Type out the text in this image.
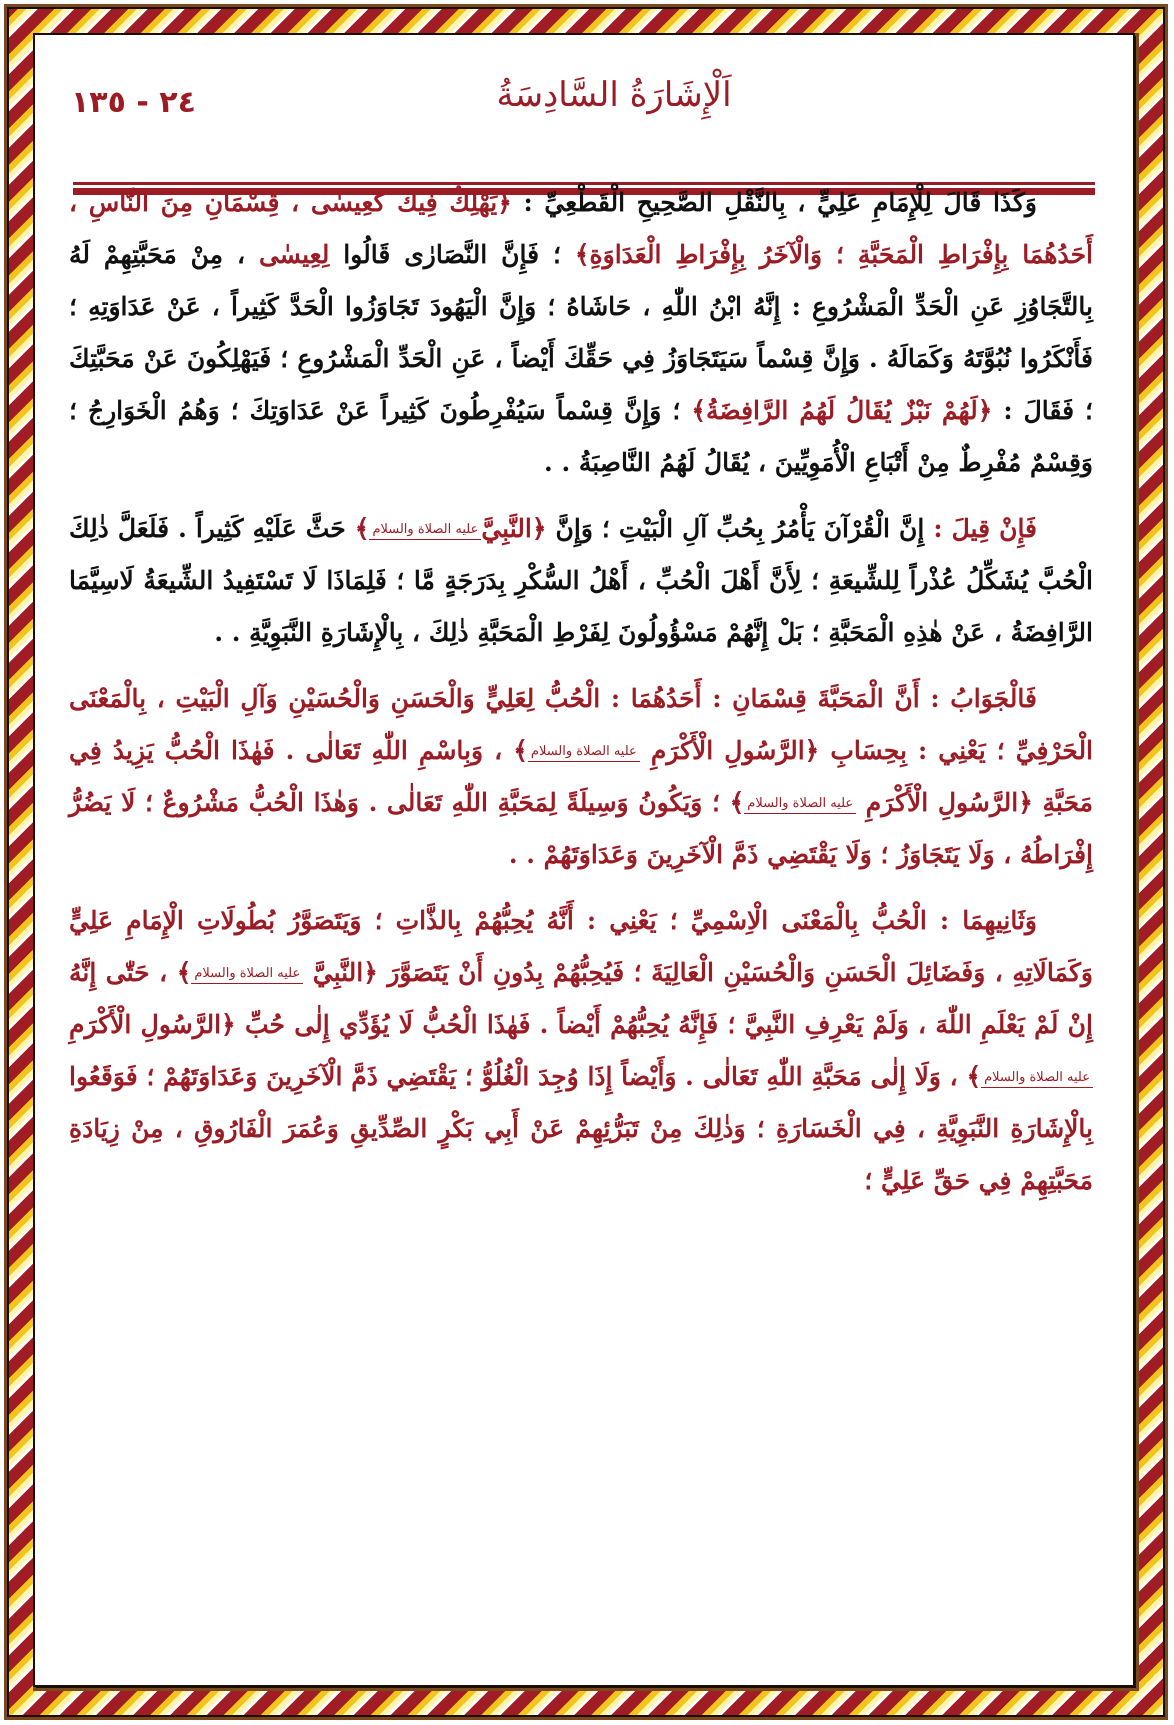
٢٤ - ١٣٥	اَلْإِشَارَةُ السَّادِسَةُ

وَكَذَا قَالَ لِلْإِمَامِ عَلِيٍّ ، بِالنَّقْلِ الصَّحِيحِ الْقَطْعِيِّ : ﴿يَهْلِكُ فِيكَ كَعِيسٰى ، قِسْمَانِ مِنَ النَّاسِ ، أَحَدُهُمَا بِإِفْرَاطِ الْمَحَبَّةِ ؛ وَالْآخَرُ بِإِفْرَاطِ الْعَدَاوَةِ﴾ ؛ فَإِنَّ النَّصَارٰى قَالُوا لِعِيسٰى ، مِنْ مَحَبَّتِهِمْ لَهُ بِالتَّجَاوُزِ عَنِ الْحَدِّ الْمَشْرُوعِ : إِنَّهُ ابْنُ اللّٰهِ ، حَاشَاهُ ؛ وَإِنَّ الْيَهُودَ تَجَاوَزُوا الْحَدَّ كَثِيراً ، عَنْ عَدَاوَتِهِ ؛ فَأَنْكَرُوا نُبُوَّتَهُ وَكَمَالَهُ . وَإِنَّ قِسْماً سَيَتَجَاوَزُ فِي حَقِّكَ أَيْضاً ، عَنِ الْحَدِّ الْمَشْرُوعِ ؛ فَيَهْلِكُونَ عَنْ مَحَبَّتِكَ ؛ فَقَالَ : ﴿لَهُمْ نَبْزٌ يُقَالُ لَهُمُ الرَّافِضَةُ﴾ ؛ وَإِنَّ قِسْماً سَيُفْرِطُونَ كَثِيراً عَنْ عَدَاوَتِكَ ؛ وَهُمُ الْخَوَارِجُ ؛ وَقِسْمٌ مُفْرِطٌ مِنْ أَتْبَاعِ الْأُمَوِيِّينَ ، يُقَالُ لَهُمُ النَّاصِبَةُ . .

فَإِنْ قِيلَ : إِنَّ الْقُرْآنَ يَأْمُرُ بِحُبِّ آلِ الْبَيْتِ ؛ وَإِنَّ ﴿النَّبِيَّعليه الصلاة والسلام﴾ حَثَّ عَلَيْهِ كَثِيراً . فَلَعَلَّ ذٰلِكَ الْحُبَّ يُشَكِّلُ عُذْراً لِلشِّيعَةِ ؛ لِأَنَّ أَهْلَ الْحُبِّ ، أَهْلُ السُّكْرِ بِدَرَجَةٍ مَّا ؛ فَلِمَاذَا لَا تَسْتَفِيدُ الشِّيعَةُ لَاسِيَّمَا الرَّافِضَةُ ، عَنْ هٰذِهِ الْمَحَبَّةِ ؛ بَلْ إِنَّهُمْ مَسْؤُولُونَ لِفَرْطِ الْمَحَبَّةِ ذٰلِكَ ، بِالْإِشَارَةِ النَّبَوِيَّةِ . .

فَالْجَوَابُ : أَنَّ الْمَحَبَّةَ قِسْمَانِ : أَحَدُهُمَا : الْحُبُّ لِعَلِيٍّ وَالْحَسَنِ وَالْحُسَيْنِ وَآلِ الْبَيْتِ ، بِالْمَعْنَى الْحَرْفِيِّ ؛ يَعْنِي : بِحِسَابِ ﴿الرَّسُولِ الْأَكْرَمِ عليه الصلاة والسلام﴾ ، وَبِاسْمِ اللّٰهِ تَعَالٰى . فَهٰذَا الْحُبُّ يَزِيدُ فِي مَحَبَّةِ ﴿الرَّسُولِ الْأَكْرَمِ عليه الصلاة والسلام﴾ ؛ وَيَكُونُ وَسِيلَةً لِمَحَبَّةِ اللّٰهِ تَعَالٰى . وَهٰذَا الْحُبُّ مَشْرُوعٌ ؛ لَا يَضُرُّ إِفْرَاطُهُ ، وَلَا يَتَجَاوَزُ ؛ وَلَا يَقْتَضِي ذَمَّ الْآخَرِينَ وَعَدَاوَتَهُمْ . .

وَثَانِيهِمَا : الْحُبُّ بِالْمَعْنَى الْاِسْمِيِّ ؛ يَعْنِي : أَنَّهُ يُحِبُّهُمْ بِالذَّاتِ ؛ وَيَتَصَوَّرُ بُطُولَاتِ الْإِمَامِ عَلِيٍّ وَكَمَالَاتِهِ ، وَفَضَائِلَ الْحَسَنِ وَالْحُسَيْنِ الْعَالِيَةَ ؛ فَيُحِبُّهُمْ بِدُونِ أَنْ يَتَصَوَّرَ ﴿النَّبِيَّ عليه الصلاة والسلام﴾ ، حَتّٰى إِنَّهُ إِنْ لَمْ يَعْلَمِ اللّٰهَ ، وَلَمْ يَعْرِفِ النَّبِيَّ ؛ فَإِنَّهُ يُحِبُّهُمْ أَيْضاً . فَهٰذَا الْحُبُّ لَا يُؤَدِّي إِلٰى حُبِّ ﴿الرَّسُولِ الْأَكْرَمِ عليه الصلاة والسلام﴾ ، وَلَا إِلٰى مَحَبَّةِ اللّٰهِ تَعَالٰى . وَأَيْضاً إِذَا وُجِدَ الْغُلُوُّ ؛ يَقْتَضِي ذَمَّ الْآخَرِينَ وَعَدَاوَتَهُمْ ؛ فَوَقَعُوا بِالْإِشَارَةِ النَّبَوِيَّةِ ، فِي الْخَسَارَةِ ؛ وَذٰلِكَ مِنْ تَبَرُّئِهِمْ عَنْ أَبِي بَكْرٍ الصِّدِّيقِ وَعُمَرَ الْفَارُوقِ ، مِنْ زِيَادَةِ مَحَبَّتِهِمْ فِي حَقِّ عَلِيٍّ ؛
